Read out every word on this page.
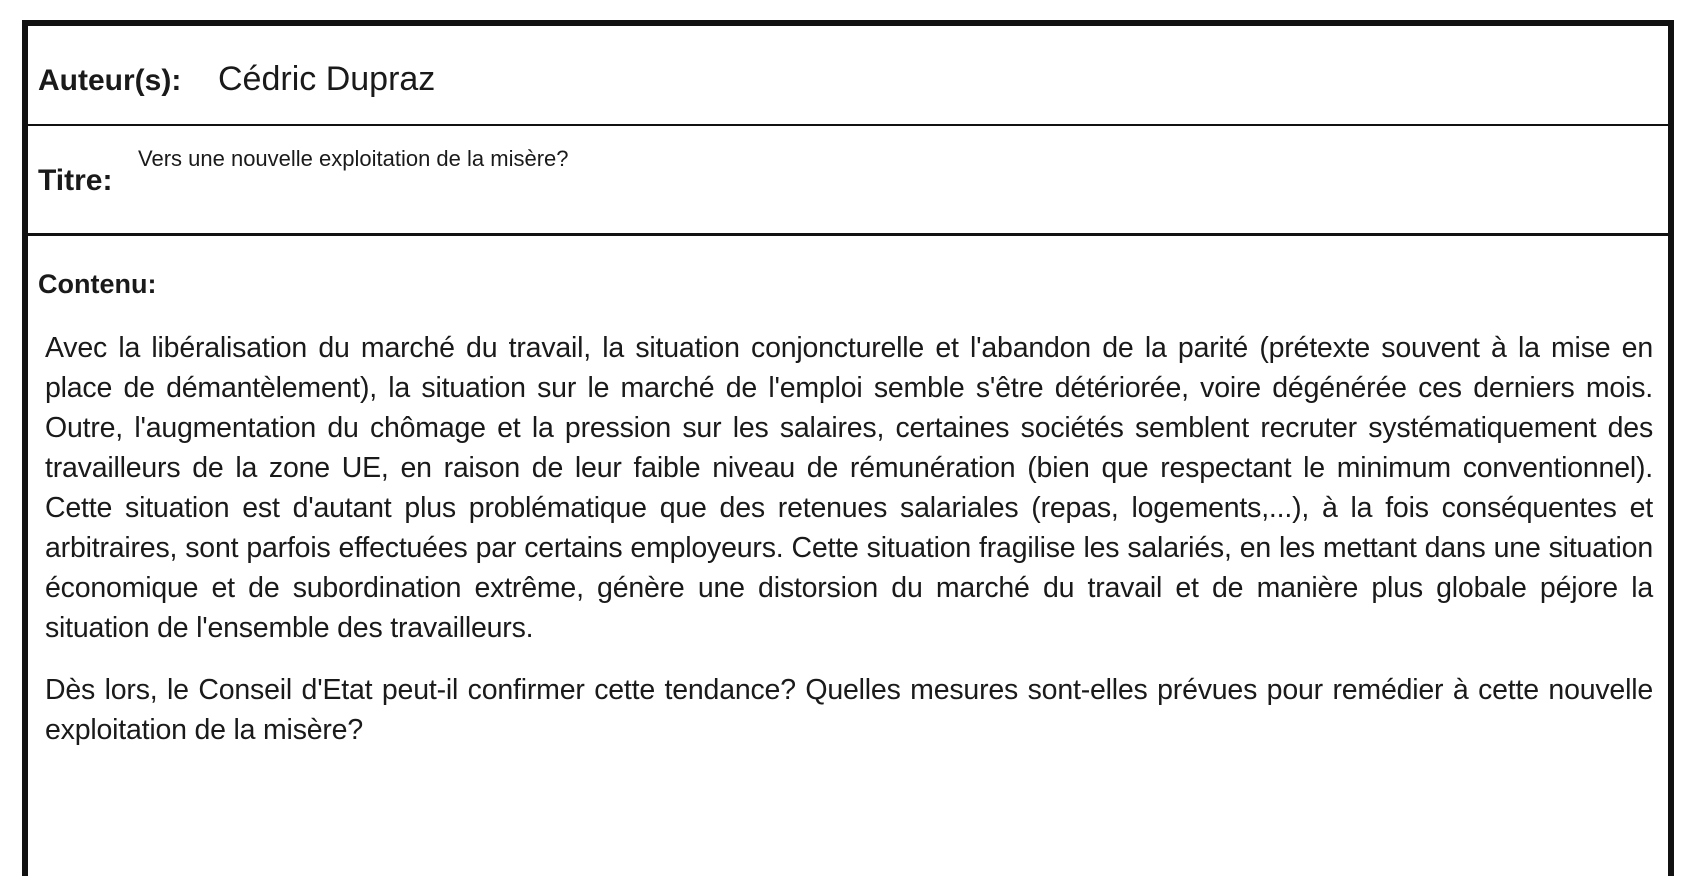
Auteur(s): Cédric Dupraz
Titre:
Vers une nouvelle exploitation de la misère?
Contenu:

Avec la libéralisation du marché du travail, la situation conjoncturelle et l'abandon de la parité (prétexte souvent à la mise en place de démantèlement), la situation sur le marché de l'emploi semble s'être détériorée, voire dégénérée ces derniers mois. Outre, l'augmentation du chômage et la pression sur les salaires, certaines sociétés semblent recruter systématiquement des travailleurs de la zone UE, en raison de leur faible niveau de rémunération (bien que respectant le minimum conventionnel). Cette situation est d'autant plus problématique que des retenues salariales (repas, logements,...), à la fois conséquentes et arbitraires, sont parfois effectuées par certains employeurs. Cette situation fragilise les salariés, en les mettant dans une situation économique et de subordination extrême, génère une distorsion du marché du travail et de manière plus globale péjore la situation de l'ensemble des travailleurs.

Dès lors, le Conseil d'Etat peut-il confirmer cette tendance? Quelles mesures sont-elles prévues pour remédier à cette nouvelle exploitation de la misère?
